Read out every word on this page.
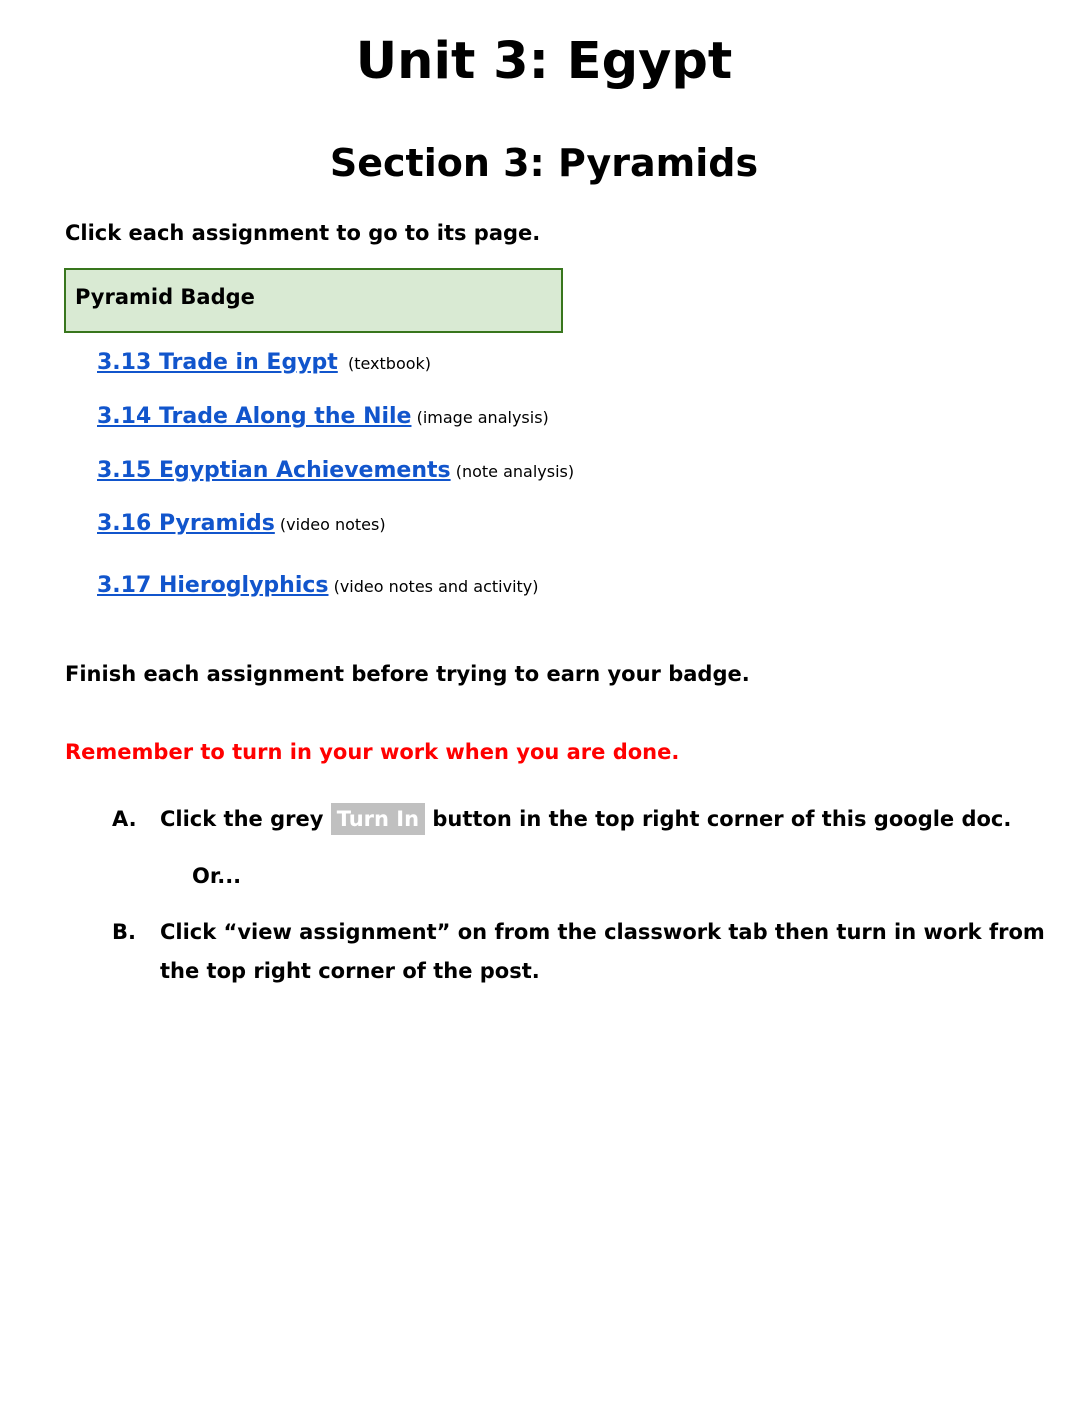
Unit 3: Egypt
Section 3: Pyramids
Click each assignment to go to its page.
Pyramid Badge
3.13 Trade in Egypt (textbook)
3.14 Trade Along the Nile (image analysis)
3.15 Egyptian Achievements (note analysis)
3.16 Pyramids (video notes)
3.17 Hieroglyphics (video notes and activity)
Finish each assignment before trying to earn your badge.
Remember to turn in your work when you are done.
A. Click the grey Turn In button in the top right corner of this google doc.
Or...
B. Click “view assignment” on from the classwork tab then turn in work from
the top right corner of the post.
